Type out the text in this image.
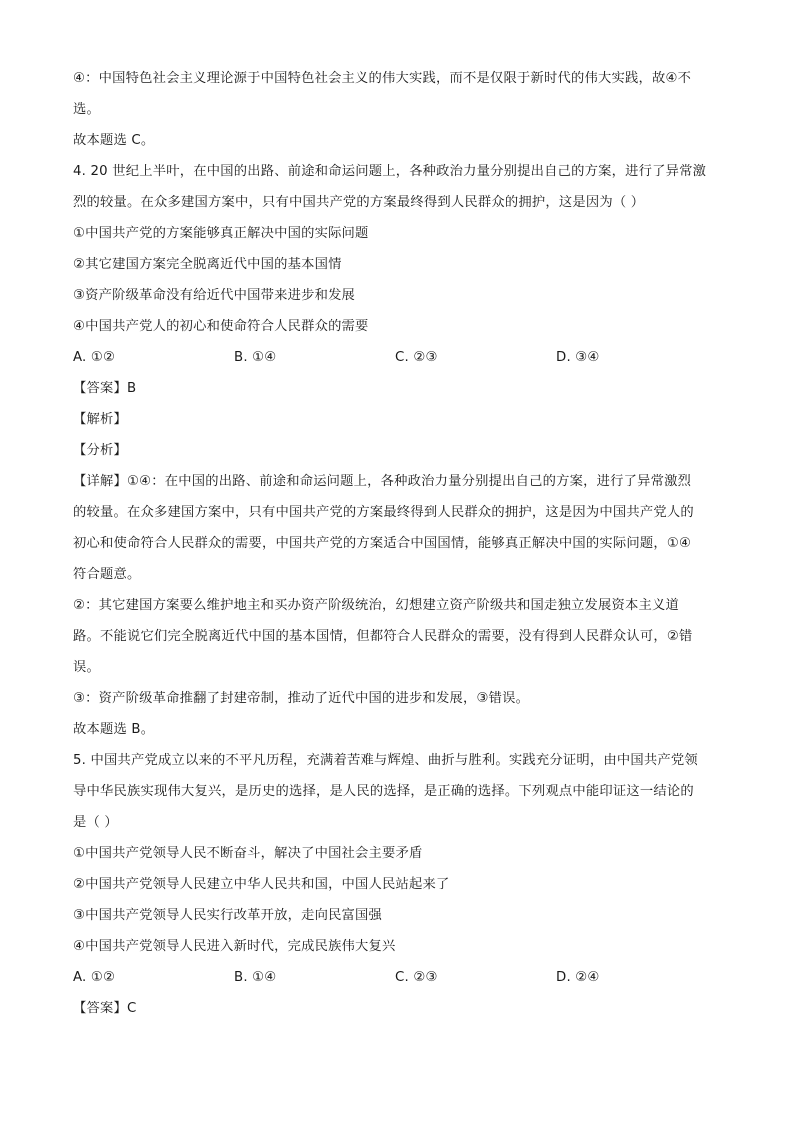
④：中国特色社会主义理论源于中国特色社会主义的伟大实践，而不是仅限于新时代的伟大实践，故④不
选。
故本题选 C。
4. 20 世纪上半叶，在中国的出路、前途和命运问题上，各种政治力量分别提出自己的方案，进行了异常激
烈的较量。在众多建国方案中，只有中国共产党的方案最终得到人民群众的拥护，这是因为（ ）
①中国共产党的方案能够真正解决中国的实际问题
②其它建国方案完全脱离近代中国的基本国情
③资产阶级革命没有给近代中国带来进步和发展
④中国共产党人的初心和使命符合人民群众的需要
A. ①②	B. ①④	C. ②③	D. ③④
【答案】B
【解析】
【分析】
【详解】①④：在中国的出路、前途和命运问题上，各种政治力量分别提出自己的方案，进行了异常激烈
的较量。在众多建国方案中，只有中国共产党的方案最终得到人民群众的拥护，这是因为中国共产党人的
初心和使命符合人民群众的需要，中国共产党的方案适合中国国情，能够真正解决中国的实际问题，①④
符合题意。
②：其它建国方案要么维护地主和买办资产阶级统治，幻想建立资产阶级共和国走独立发展资本主义道
路。不能说它们完全脱离近代中国的基本国情，但都符合人民群众的需要，没有得到人民群众认可，②错
误。
③：资产阶级革命推翻了封建帝制，推动了近代中国的进步和发展，③错误。
故本题选 B。
5. 中国共产党成立以来的不平凡历程，充满着苦难与辉煌、曲折与胜利。实践充分证明，由中国共产党领
导中华民族实现伟大复兴，是历史的选择，是人民的选择，是正确的选择。下列观点中能印证这一结论的
是（ ）
①中国共产党领导人民不断奋斗，解决了中国社会主要矛盾
②中国共产党领导人民建立中华人民共和国，中国人民站起来了
③中国共产党领导人民实行改革开放，走向民富国强
④中国共产党领导人民进入新时代，完成民族伟大复兴
A. ①②	B. ①④	C. ②③	D. ②④
【答案】C
